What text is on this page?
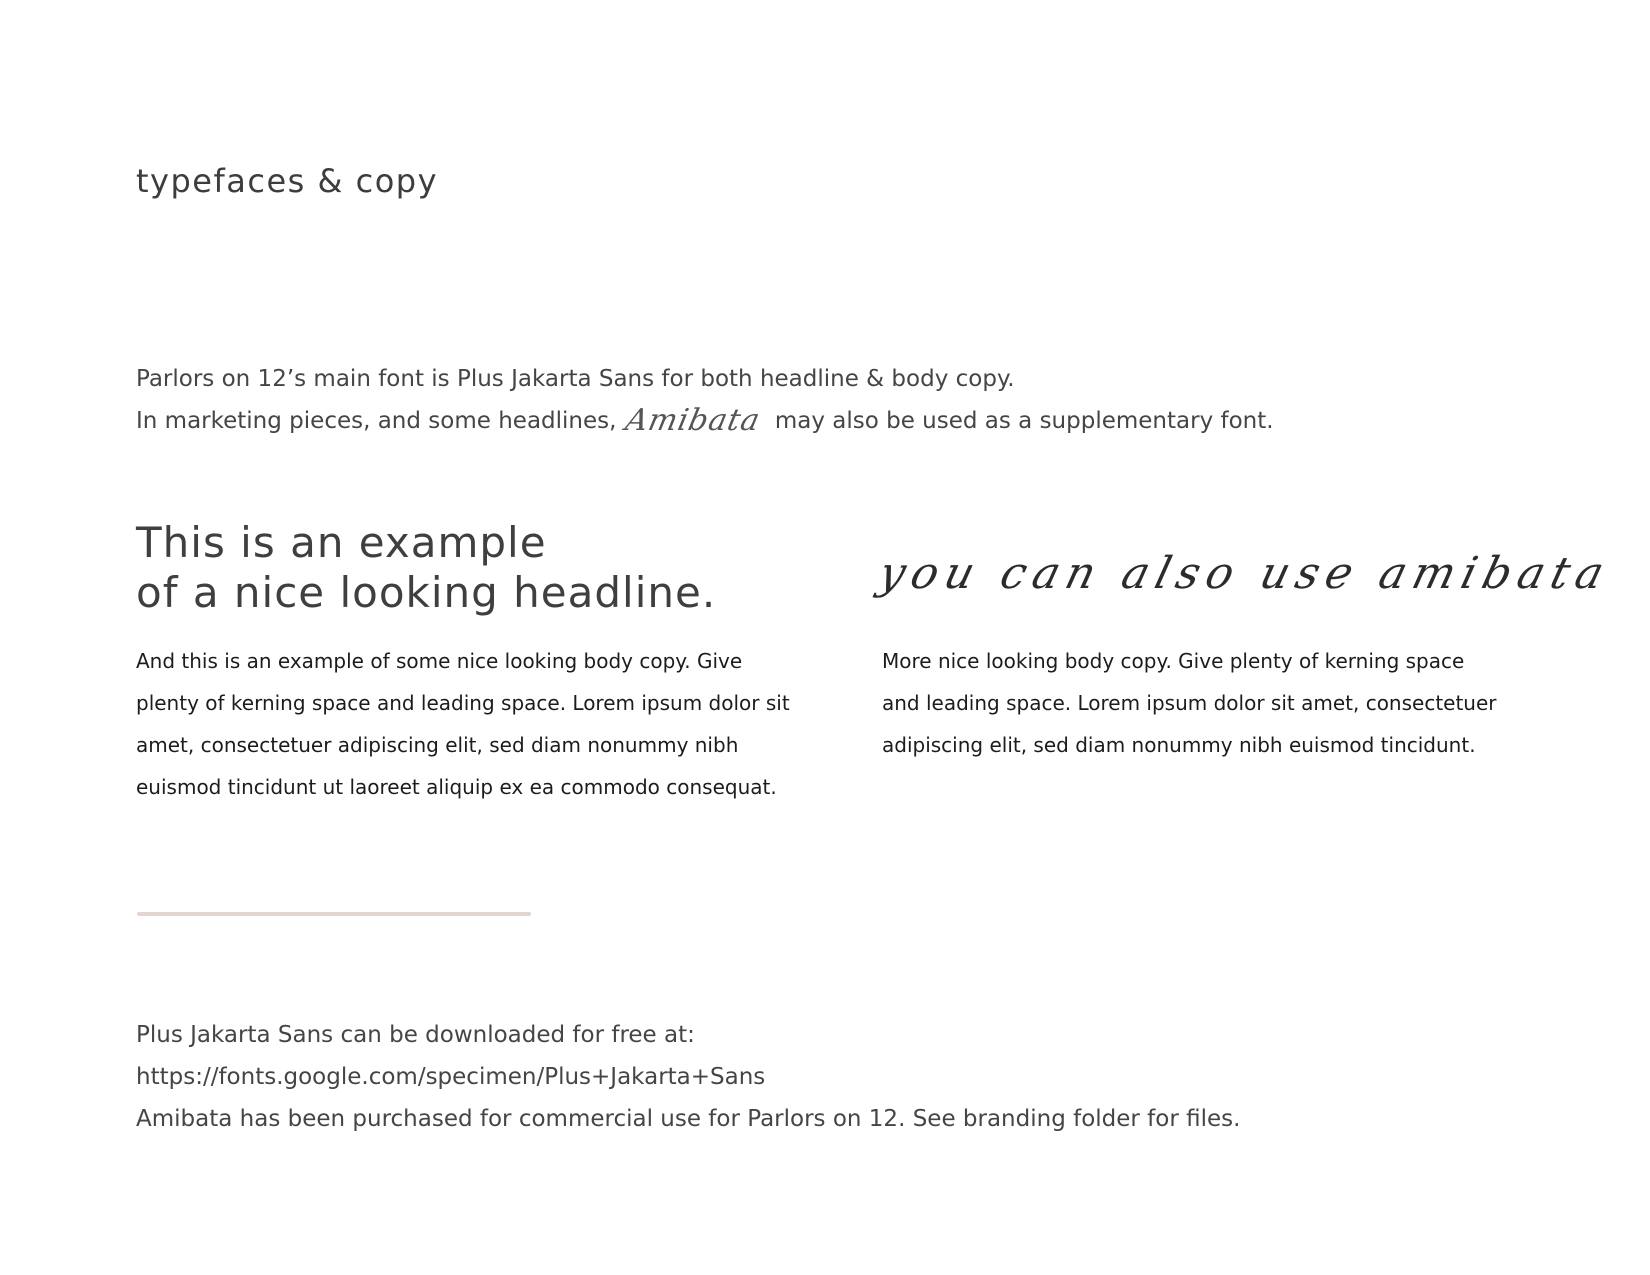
typefaces & copy

Parlors on 12’s main font is Plus Jakarta Sans for both headline & body copy.
In marketing pieces, and some headlines, Amibata may also be used as a supplementary font.

This is an example
of a nice looking headline.

And this is an example of some nice looking body copy. Give plenty of kerning space and leading space. Lorem ipsum dolor sit amet, consectetuer adipiscing elit, sed diam nonummy nibh euismod tincidunt ut laoreet aliquip ex ea commodo consequat.

you can also use amibata

More nice looking body copy. Give plenty of kerning space and leading space. Lorem ipsum dolor sit amet, consectetuer adipiscing elit, sed diam nonummy nibh euismod tincidunt.

Plus Jakarta Sans can be downloaded for free at:
https://fonts.google.com/specimen/Plus+Jakarta+Sans
Amibata has been purchased for commercial use for Parlors on 12. See branding folder for files.
